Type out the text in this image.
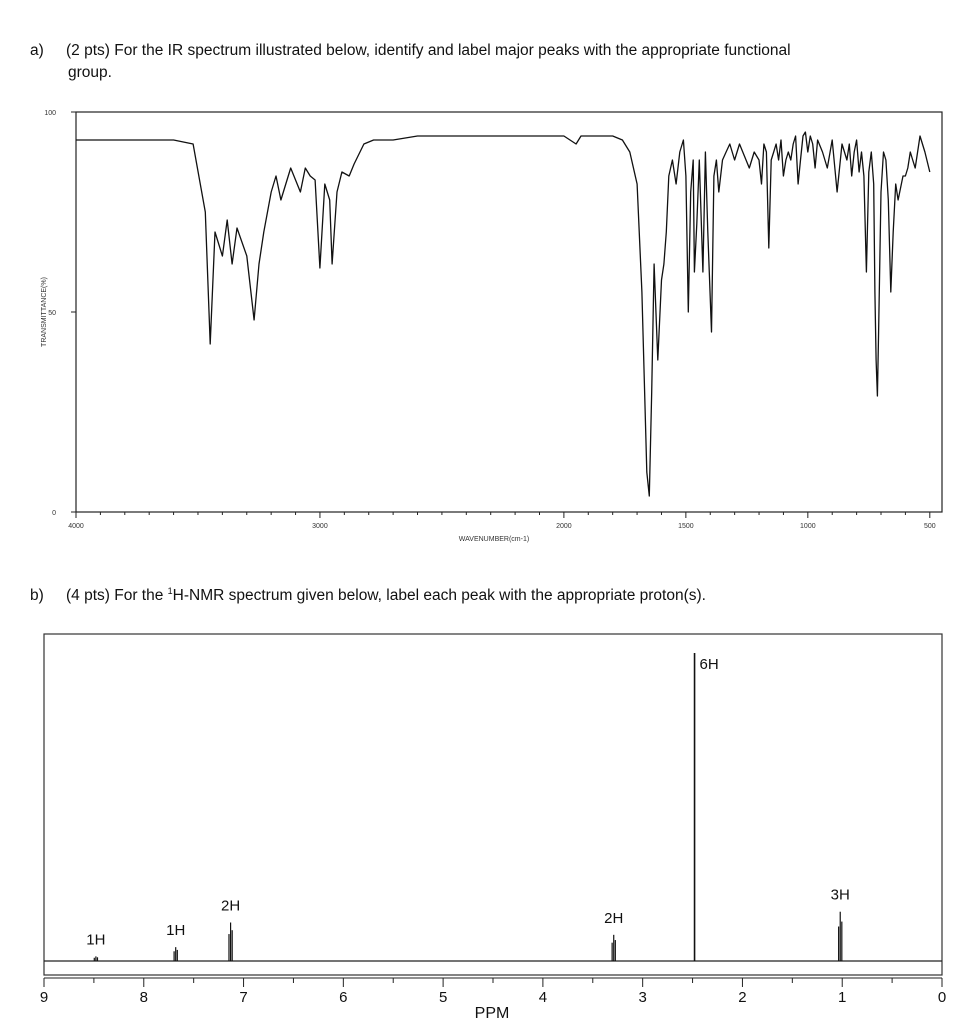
a) (2 pts) For the IR spectrum illustrated below, identify and label major peaks with the appropriate functional
group.
4000	3000	2000	1500	1000	500
0
50
100
WAVENUMBER(cm-1)
TRANSMITTANCE(%)
b) (4 pts) For the $^1$H-NMR spectrum given below, label each peak with the appropriate proton(s).
1H
1H
2H
2H
6H
3H
9	8	7	6	5	4	3	2	1	0
PPM
